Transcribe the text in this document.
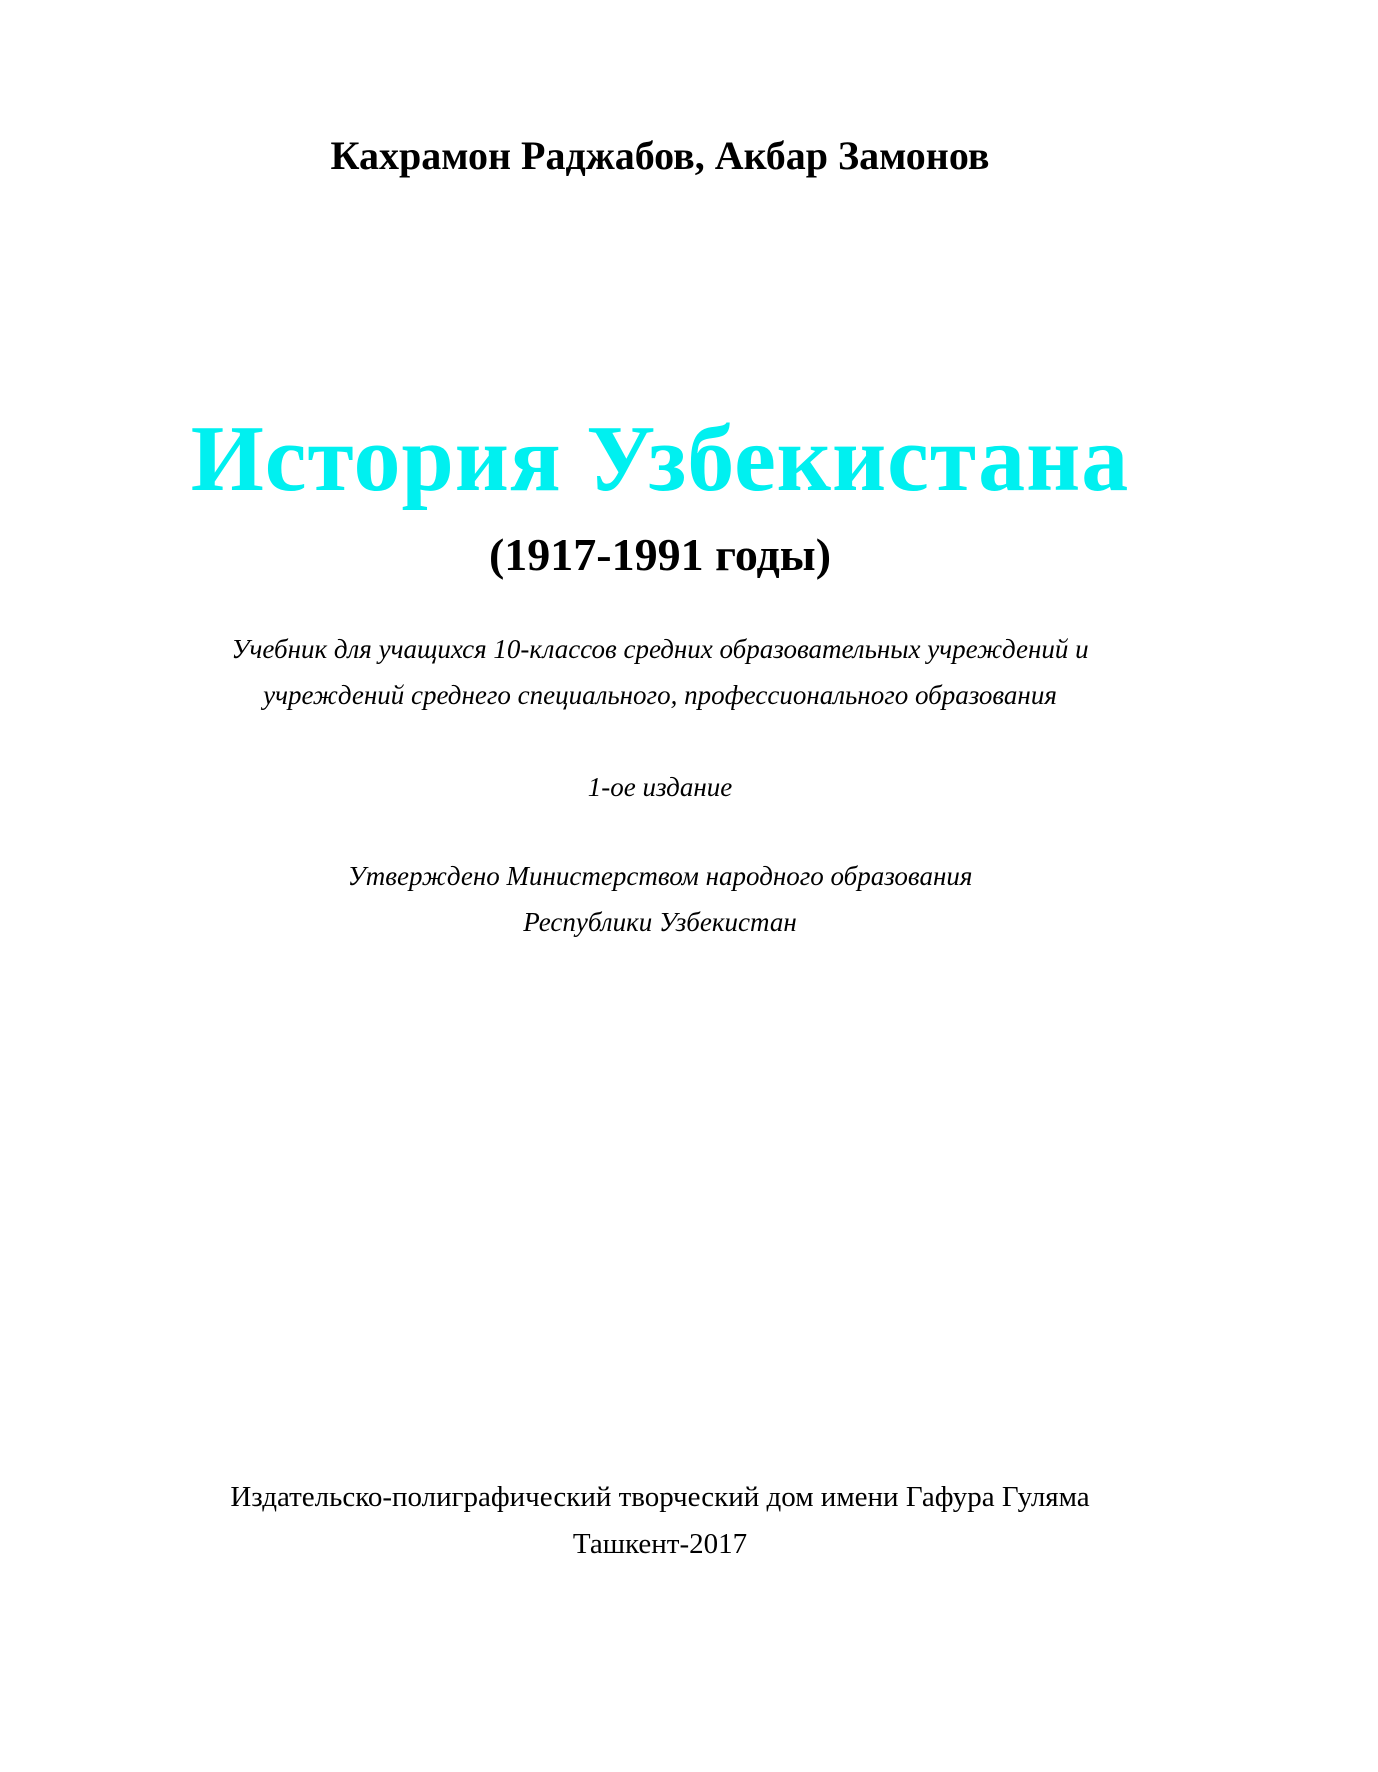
Кахрамон Раджабов, Акбар Замонов
История Узбекистана
(1917-1991 годы)
Учебник для учащихся 10-классов средних образовательных учреждений и
учреждений среднего специального, профессионального образования
1-ое издание
Утверждено Министерством народного образования
Республики Узбекистан
Издательско-полиграфический творческий дом имени Гафура Гуляма
Ташкент-2017
